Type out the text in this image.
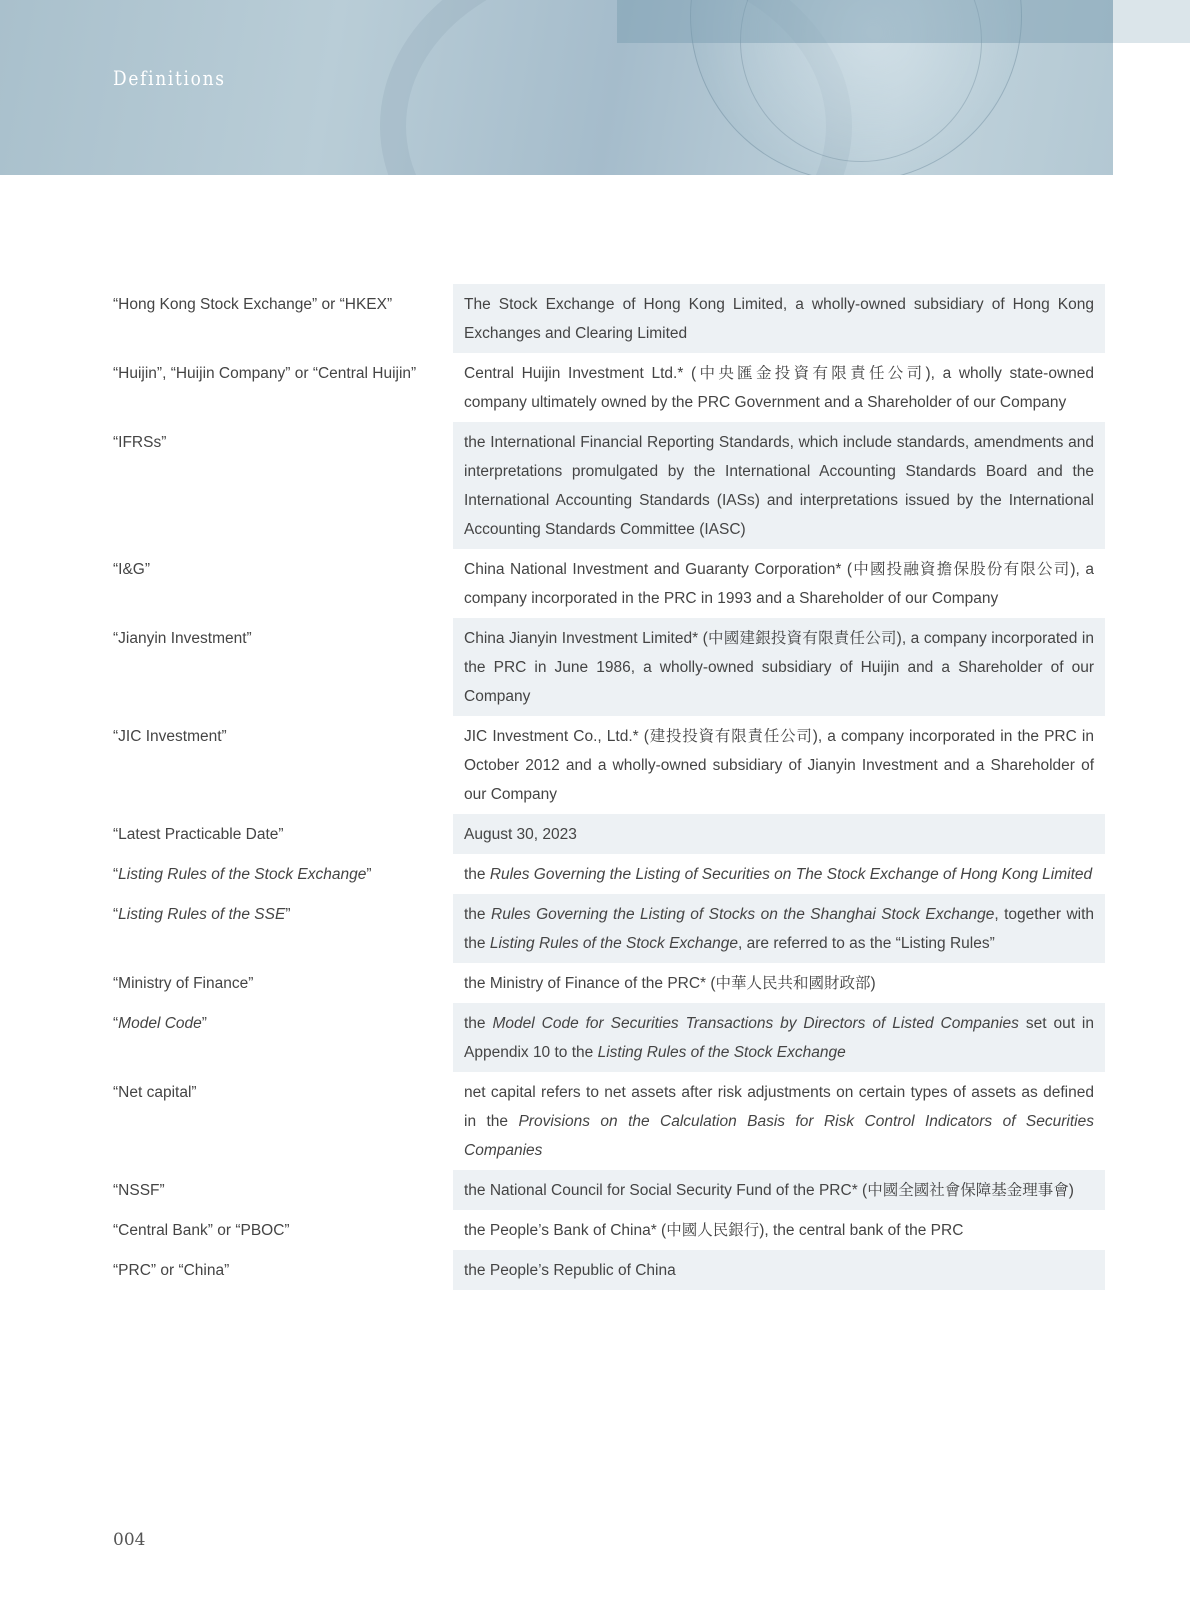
Definitions
“Hong Kong Stock Exchange” or “HKEX”	The Stock Exchange of Hong Kong Limited, a wholly-owned subsidiary of Hong Kong Exchanges and Clearing Limited
“Huijin”, “Huijin Company” or “Central Huijin”	Central Huijin Investment Ltd.* (中央匯金投資有限責任公司), a wholly state-owned company ultimately owned by the PRC Government and a Shareholder of our Company
“IFRSs”	the International Financial Reporting Standards, which include standards, amendments and interpretations promulgated by the International Accounting Standards Board and the International Accounting Standards (IASs) and interpretations issued by the International Accounting Standards Committee (IASC)
“I&G”	China National Investment and Guaranty Corporation* (中國投融資擔保股份有限公司), a company incorporated in the PRC in 1993 and a Shareholder of our Company
“Jianyin Investment”	China Jianyin Investment Limited* (中國建銀投資有限責任公司), a company incorporated in the PRC in June 1986, a wholly-owned subsidiary of Huijin and a Shareholder of our Company
“JIC Investment”	JIC Investment Co., Ltd.* (建投投資有限責任公司), a company incorporated in the PRC in October 2012 and a wholly-owned subsidiary of Jianyin Investment and a Shareholder of our Company
“Latest Practicable Date”	August 30, 2023
“Listing Rules of the Stock Exchange”	the Rules Governing the Listing of Securities on The Stock Exchange of Hong Kong Limited
“Listing Rules of the SSE”	the Rules Governing the Listing of Stocks on the Shanghai Stock Exchange, together with the Listing Rules of the Stock Exchange, are referred to as the “Listing Rules”
“Ministry of Finance”	the Ministry of Finance of the PRC* (中華人民共和國財政部)
“Model Code”	the Model Code for Securities Transactions by Directors of Listed Companies set out in Appendix 10 to the Listing Rules of the Stock Exchange
“Net capital”	net capital refers to net assets after risk adjustments on certain types of assets as defined in the Provisions on the Calculation Basis for Risk Control Indicators of Securities Companies
“NSSF”	the National Council for Social Security Fund of the PRC* (中國全國社會保障基金理事會)
“Central Bank” or “PBOC”	the People’s Bank of China* (中國人民銀行), the central bank of the PRC
“PRC” or “China”	the People’s Republic of China
004
